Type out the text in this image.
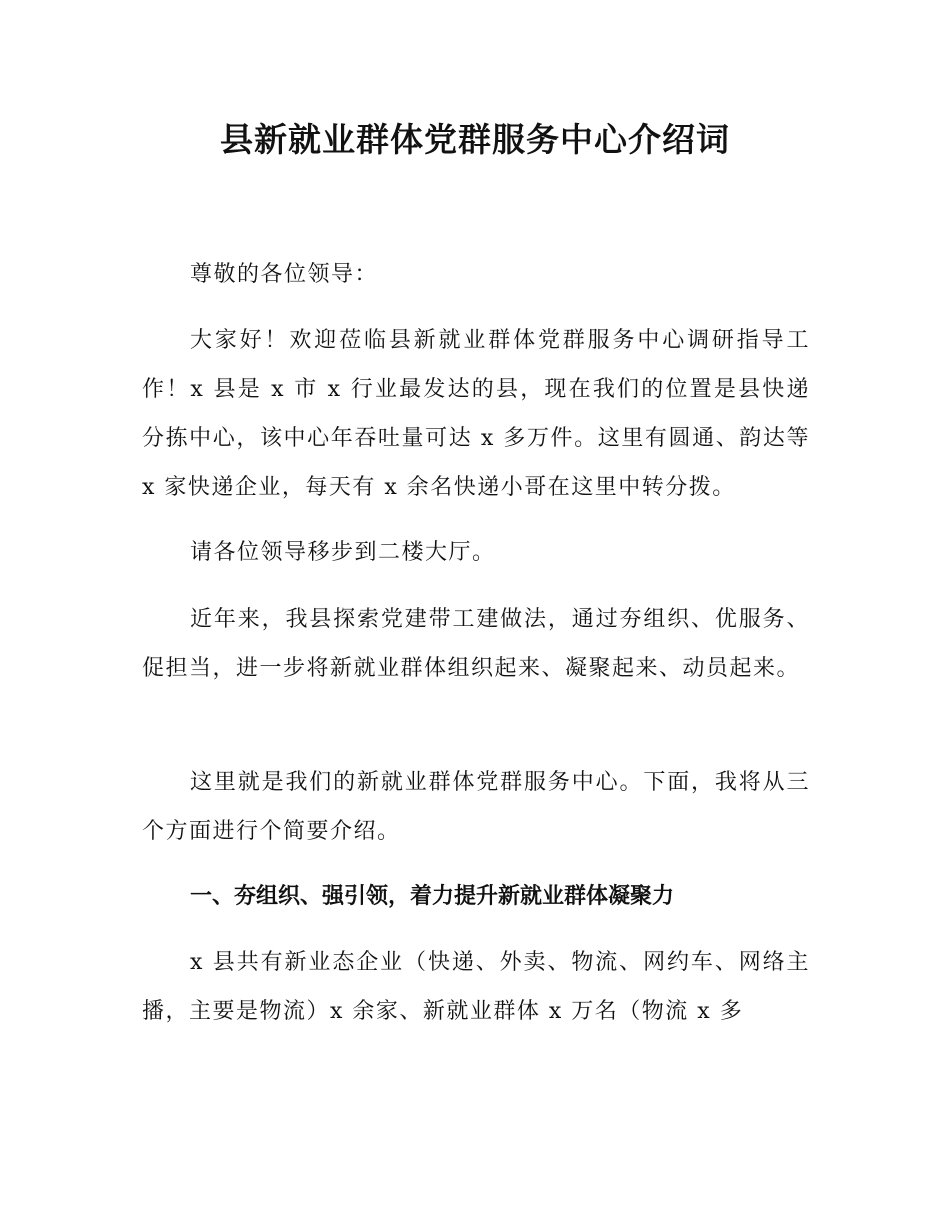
县新就业群体党群服务中心介绍词

尊敬的各位领导：

大家好！欢迎莅临县新就业群体党群服务中心调研指导工作！x 县是 x 市 x 行业最发达的县，现在我们的位置是县快递分拣中心，该中心年吞吐量可达 x 多万件。这里有圆通、韵达等 x 家快递企业，每天有 x 余名快递小哥在这里中转分拨。

请各位领导移步到二楼大厅。

近年来，我县探索党建带工建做法，通过夯组织、优服务、促担当，进一步将新就业群体组织起来、凝聚起来、动员起来。

这里就是我们的新就业群体党群服务中心。下面，我将从三个方面进行个简要介绍。

一、夯组织、强引领，着力提升新就业群体凝聚力

x 县共有新业态企业（快递、外卖、物流、网约车、网络主播，主要是物流）x 余家、新就业群体 x 万名（物流 x 多
